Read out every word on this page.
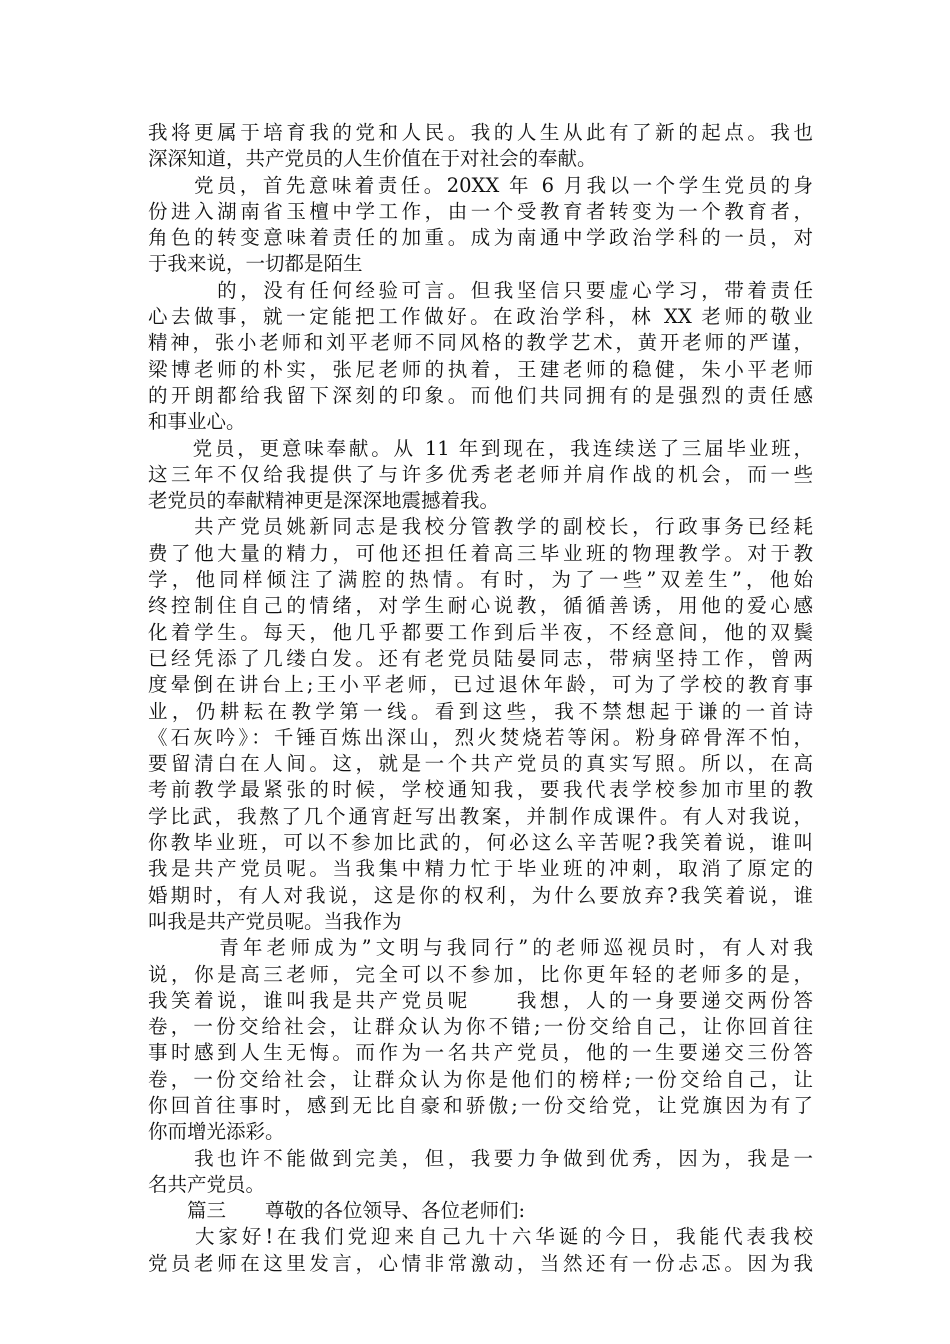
我将更属于培育我的党和人民。我的人生从此有了新的起点。我也
深深知道，共产党员的人生价值在于对社会的奉献。
　　党员，首先意味着责任。20XX 年 6 月我以一个学生党员的身
份进入湖南省玉檀中学工作，由一个受教育者转变为一个教育者，
角色的转变意味着责任的加重。成为南通中学政治学科的一员，对
于我来说，一切都是陌生
　　　的，没有任何经验可言。但我坚信只要虚心学习，带着责任
心去做事，就一定能把工作做好。在政治学科，林 XX 老师的敬业
精神，张小老师和刘平老师不同风格的教学艺术，黄开老师的严谨，
梁博老师的朴实，张尼老师的执着，王建老师的稳健，朱小平老师
的开朗都给我留下深刻的印象。而他们共同拥有的是强烈的责任感
和事业心。
　　党员，更意味奉献。从 11 年到现在，我连续送了三届毕业班，
这三年不仅给我提供了与许多优秀老老师并肩作战的机会，而一些
老党员的奉献精神更是深深地震撼着我。
　　共产党员姚新同志是我校分管教学的副校长，行政事务已经耗
费了他大量的精力，可他还担任着高三毕业班的物理教学。对于教
学，他同样倾注了满腔的热情。有时，为了一些”双差生”，他始
终控制住自己的情绪，对学生耐心说教，循循善诱，用他的爱心感
化着学生。每天，他几乎都要工作到后半夜，不经意间，他的双鬓
已经凭添了几缕白发。还有老党员陆晏同志，带病坚持工作，曾两
度晕倒在讲台上;王小平老师，已过退休年龄，可为了学校的教育事
业，仍耕耘在教学第一线。看到这些，我不禁想起于谦的一首诗
《石灰吟》：千锤百炼出深山，烈火焚烧若等闲。粉身碎骨浑不怕，
要留清白在人间。这，就是一个共产党员的真实写照。所以，在高
考前教学最紧张的时候，学校通知我，要我代表学校参加市里的教
学比武，我熬了几个通宵赶写出教案，并制作成课件。有人对我说，
你教毕业班，可以不参加比武的，何必这么辛苦呢?我笑着说，谁叫
我是共产党员呢。当我集中精力忙于毕业班的冲刺，取消了原定的
婚期时，有人对我说，这是你的权利，为什么要放弃?我笑着说，谁
叫我是共产党员呢。当我作为
　　　青年老师成为”文明与我同行”的老师巡视员时，有人对我
说，你是高三老师，完全可以不参加，比你更年轻的老师多的是，
我笑着说，谁叫我是共产党员呢　　我想，人的一身要递交两份答
卷，一份交给社会，让群众认为你不错;一份交给自己，让你回首往
事时感到人生无悔。而作为一名共产党员，他的一生要递交三份答
卷，一份交给社会，让群众认为你是他们的榜样;一份交给自己，让
你回首往事时，感到无比自豪和骄傲;一份交给党，让党旗因为有了
你而增光添彩。
　　我也许不能做到完美，但，我要力争做到优秀，因为，我是一
名共产党员。
　　篇三　　尊敬的各位领导、各位老师们:
　　大家好!在我们党迎来自己九十六华诞的今日，我能代表我校
党员老师在这里发言，心情非常激动，当然还有一份忐忑。因为我
